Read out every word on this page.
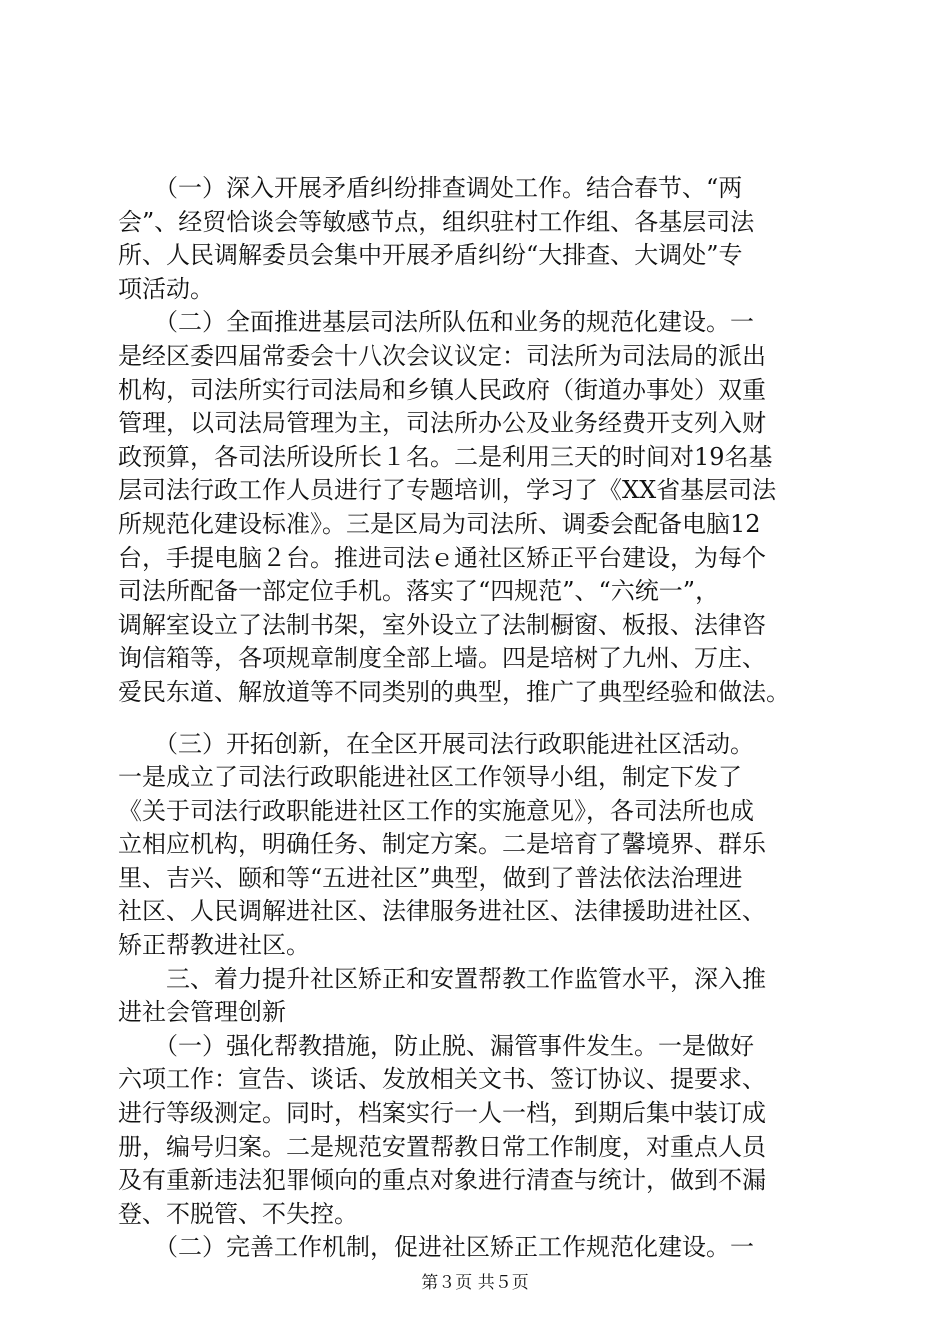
　　（一）深入开展矛盾纠纷排查调处工作。结合春节、“两
会”、经贸恰谈会等敏感节点，组织驻村工作组、各基层司法
所、人民调解委员会集中开展矛盾纠纷“大排查、大调处”专
项活动。
　　（二）全面推进基层司法所队伍和业务的规范化建设。一
是经区委四届常委会十八次会议议定：司法所为司法局的派出
机构，司法所实行司法局和乡镇人民政府（街道办事处）双重
管理，以司法局管理为主，司法所办公及业务经费开支列入财
政预算，各司法所设所长１名。二是利用三天的时间对19名基
层司法行政工作人员进行了专题培训，学习了《XX省基层司法
所规范化建设标准》。三是区局为司法所、调委会配备电脑12
台，手提电脑２台。推进司法ｅ通社区矫正平台建设，为每个
司法所配备一部定位手机。落实了“四规范”、“六统一”，
调解室设立了法制书架，室外设立了法制橱窗、板报、法律咨
询信箱等，各项规章制度全部上墙。四是培树了九州、万庄、
爱民东道、解放道等不同类别的典型，推广了典型经验和做法。
　　（三）开拓创新，在全区开展司法行政职能进社区活动。
一是成立了司法行政职能进社区工作领导小组，制定下发了
《关于司法行政职能进社区工作的实施意见》，各司法所也成
立相应机构，明确任务、制定方案。二是培育了馨境界、群乐
里、吉兴、颐和等“五进社区”典型，做到了普法依法治理进
社区、人民调解进社区、法律服务进社区、法律援助进社区、
矫正帮教进社区。
　　三、着力提升社区矫正和安置帮教工作监管水平，深入推
进社会管理创新
　　（一）强化帮教措施，防止脱、漏管事件发生。一是做好
六项工作：宣告、谈话、发放相关文书、签订协议、提要求、
进行等级测定。同时，档案实行一人一档，到期后集中装订成
册，编号归案。二是规范安置帮教日常工作制度，对重点人员
及有重新违法犯罪倾向的重点对象进行清查与统计，做到不漏
登、不脱管、不失控。
　　（二）完善工作机制，促进社区矫正工作规范化建设。一
第３页 共５页
